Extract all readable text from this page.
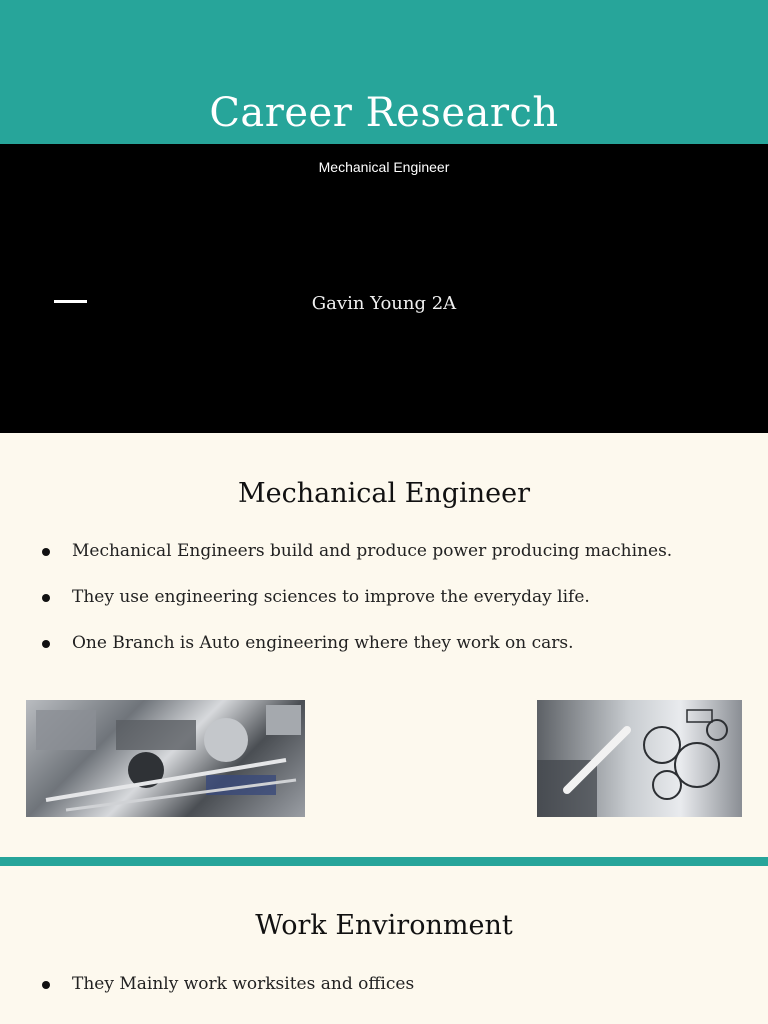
Career Research
Mechanical Engineer
Gavin Young 2A
Mechanical Engineer
Mechanical Engineers build and produce power producing machines.
They use engineering sciences to improve the everyday life.
One Branch is Auto engineering where they work on cars.
Work Environment
They Mainly work worksites and offices
